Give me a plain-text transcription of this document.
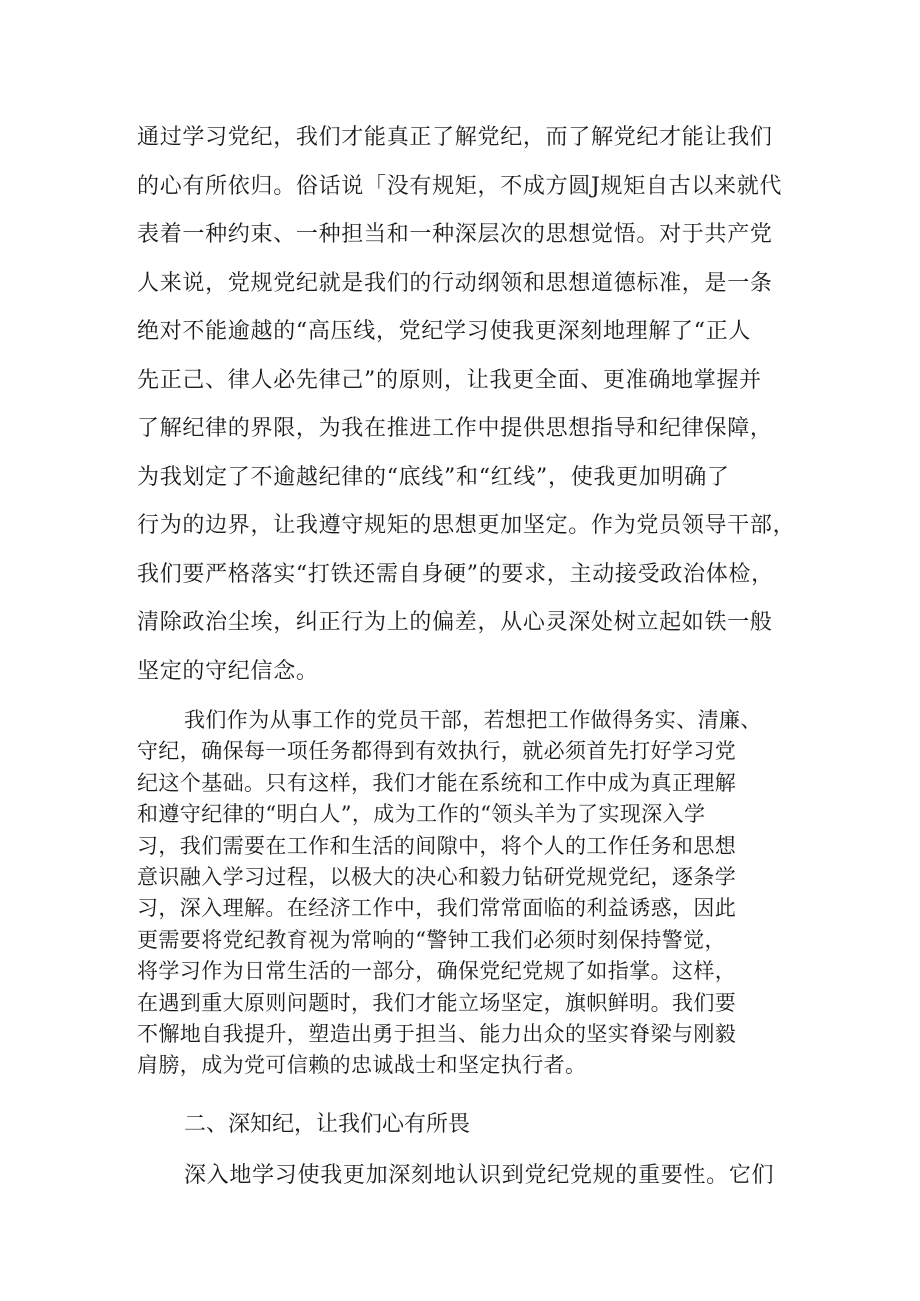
通过学习党纪，我们才能真正了解党纪，而了解党纪才能让我们
的心有所依归。俗话说「没有规矩，不成方圆J规矩自古以来就代
表着一种约束、一种担当和一种深层次的思想觉悟。对于共产党
人来说，党规党纪就是我们的行动纲领和思想道德标准，是一条
绝对不能逾越的“高压线，党纪学习使我更深刻地理解了“正人
先正己、律人必先律己”的原则，让我更全面、更准确地掌握并
了解纪律的界限，为我在推进工作中提供思想指导和纪律保障，
为我划定了不逾越纪律的“底线”和“红线”，使我更加明确了
行为的边界，让我遵守规矩的思想更加坚定。作为党员领导干部，
我们要严格落实“打铁还需自身硬”的要求，主动接受政治体检，
清除政治尘埃，纠正行为上的偏差，从心灵深处树立起如铁一般
坚定的守纪信念。
我们作为从事工作的党员干部，若想把工作做得务实、清廉、
守纪，确保每一项任务都得到有效执行，就必须首先打好学习党
纪这个基础。只有这样，我们才能在系统和工作中成为真正理解
和遵守纪律的“明白人”，成为工作的“领头羊为了实现深入学
习，我们需要在工作和生活的间隙中，将个人的工作任务和思想
意识融入学习过程，以极大的决心和毅力钻研党规党纪，逐条学
习，深入理解。在经济工作中，我们常常面临的利益诱惑，因此
更需要将党纪教育视为常响的“警钟工我们必须时刻保持警觉，
将学习作为日常生活的一部分，确保党纪党规了如指掌。这样，
在遇到重大原则问题时，我们才能立场坚定，旗帜鲜明。我们要
不懈地自我提升，塑造出勇于担当、能力出众的坚实脊梁与刚毅
肩膀，成为党可信赖的忠诚战士和坚定执行者。
二、深知纪，让我们心有所畏
深入地学习使我更加深刻地认识到党纪党规的重要性。它们
